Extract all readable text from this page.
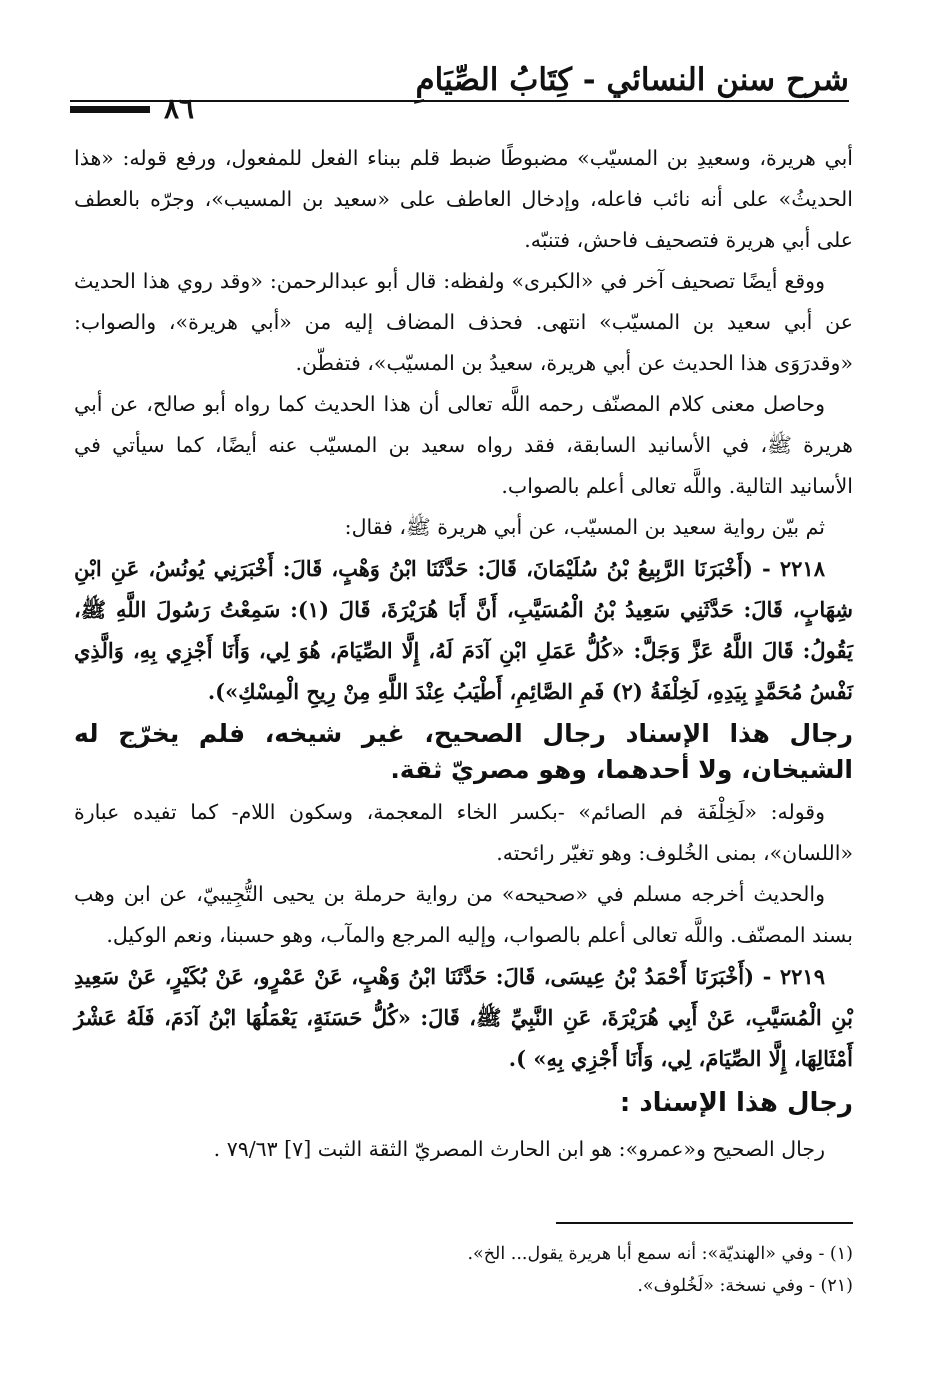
شرح سنن النسائي - كِتَابُ الصِّيَامِ
٨٦

أبي هريرة، وسعيدِ بن المسيّب» مضبوطًا ضبط قلم ببناء الفعل للمفعول، ورفع قوله: «هذا الحديثُ» على أنه نائب فاعله، وإدخال العاطف على «سعيد بن المسيب»، وجرّه بالعطف على أبي هريرة فتصحيف فاحش، فتنبّه.

ووقع أيضًا تصحيف آخر في «الكبرى» ولفظه: قال أبو عبدالرحمن: «وقد روي هذا الحديث عن أبي سعيد بن المسيّب» انتهى. فحذف المضاف إليه من «أبي هريرة»، والصواب: «وقدرَوَى هذا الحديث عن أبي هريرة، سعيدُ بن المسيّب»، فتفطّن.

وحاصل معنى كلام المصنّف رحمه اللَّه تعالى أن هذا الحديث كما رواه أبو صالح، عن أبي هريرة ﷺ، في الأسانيد السابقة، فقد رواه سعيد بن المسيّب عنه أيضًا، كما سيأتي في الأسانيد التالية. واللَّه تعالى أعلم بالصواب.

ثم بيّن رواية سعيد بن المسيّب، عن أبي هريرة ﷺ، فقال:

٢٢١٨ - (أَخْبَرَنَا الرَّبِيعُ بْنُ سُلَيْمَانَ، قَالَ: حَدَّثَنَا ابْنُ وَهْبٍ، قَالَ: أَخْبَرَنِي يُونُسُ، عَنِ ابْنِ شِهَابٍ، قَالَ: حَدَّثَنِي سَعِيدُ بْنُ الْمُسَيَّبِ، أَنَّ أَبَا هُرَيْرَةَ، قَالَ (١): سَمِعْتُ رَسُولَ اللَّهِ ﷺ، يَقُولُ: قَالَ اللَّهُ عَزَّ وَجَلَّ: «كُلُّ عَمَلِ ابْنِ آدَمَ لَهُ، إِلَّا الصِّيَامَ، هُوَ لِي، وَأَنَا أَجْزِي بِهِ، وَالَّذِي نَفْسُ مُحَمَّدٍ بِيَدِهِ، لَخِلْفَةُ (٢) فَمِ الصَّائِمِ، أَطْيَبُ عِنْدَ اللَّهِ مِنْ رِيحِ الْمِسْكِ»).

رجال هذا الإسناد رجال الصحيح، غير شيخه، فلم يخرّج له الشيخان، ولا أحدهما، وهو مصريّ ثقة.

وقوله: «لَخِلْفَة فم الصائم» -بكسر الخاء المعجمة، وسكون اللام- كما تفيده عبارة «اللسان»، بمنى الخُلوف: وهو تغيّر رائحته.

والحديث أخرجه مسلم في «صحيحه» من رواية حرملة بن يحيى التُّجِيبيّ، عن ابن وهب بسند المصنّف. واللَّه تعالى أعلم بالصواب، وإليه المرجع والمآب، وهو حسبنا، ونعم الوكيل.

٢٢١٩ - (أَخْبَرَنَا أَحْمَدُ بْنُ عِيسَى، قَالَ: حَدَّثَنَا ابْنُ وَهْبٍ، عَنْ عَمْرٍو، عَنْ بُكَيْرٍ، عَنْ سَعِيدِ بْنِ الْمُسَيَّبِ، عَنْ أَبِي هُرَيْرَةَ، عَنِ النَّبِيِّ ﷺ، قَالَ: «كُلُّ حَسَنَةٍ، يَعْمَلُهَا ابْنُ آدَمَ، فَلَهُ عَشْرُ أَمْثَالِهَا، إِلَّا الصِّيَامَ، لِي، وَأَنَا أَجْزِي بِهِ» ).

رجال هذا الإسناد :

رجال الصحيح و«عمرو»: هو ابن الحارث المصريّ الثقة الثبت [٧] ٧٩/٦٣ .

(١) - وفي «الهنديّة»: أنه سمع أبا هريرة يقول... الخ».

(٢١) - وفي نسخة: «لَخُلوف».
